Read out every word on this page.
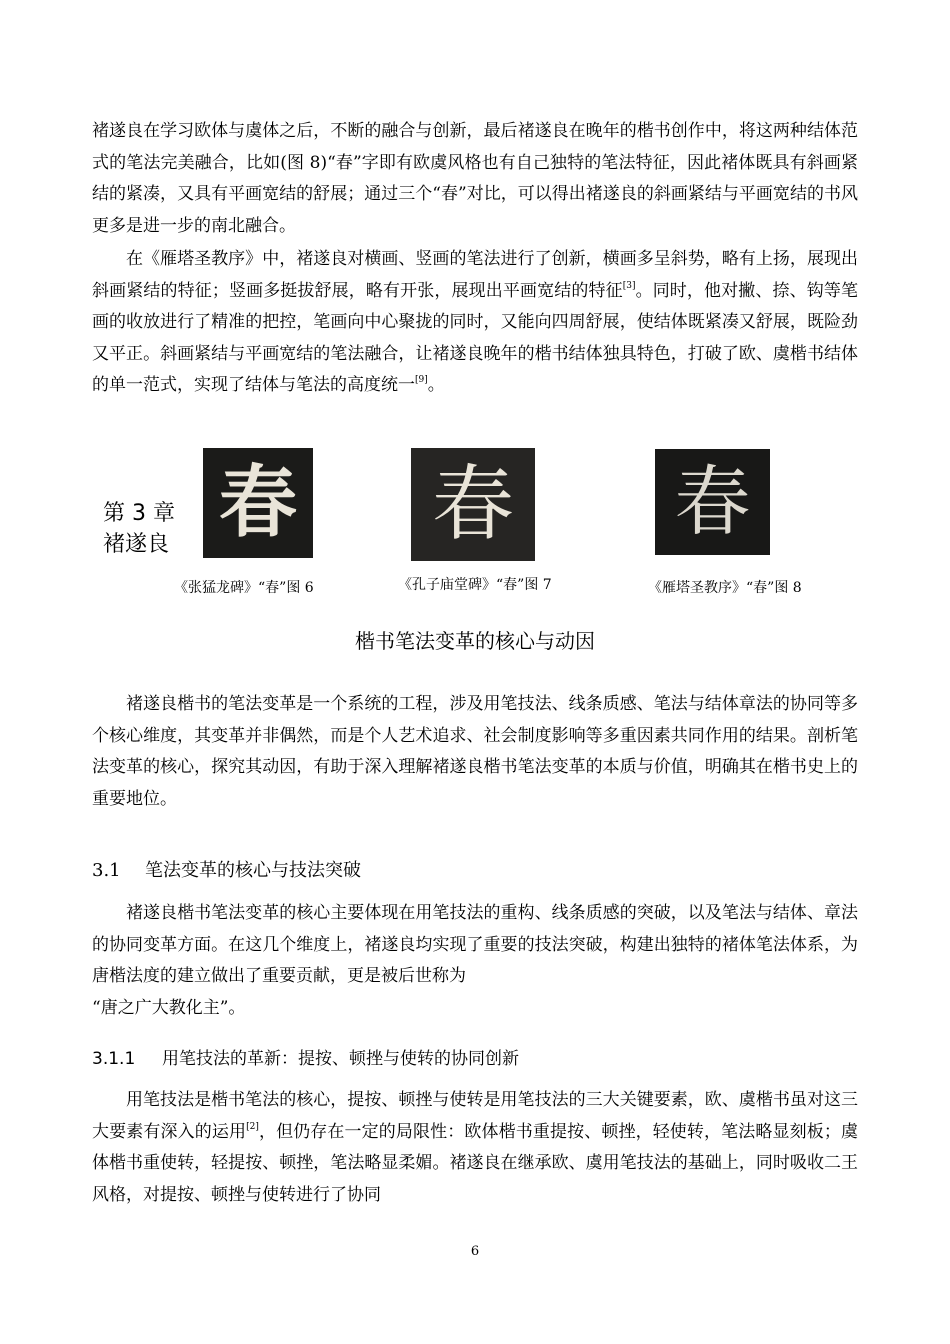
褚遂良在学习欧体与虞体之后，不断的融合与创新，最后褚遂良在晚年的楷书创作中，将这两种结体范式的笔法完美融合，比如(图 8)“春”字即有欧虞风格也有自己独特的笔法特征，因此褚体既具有斜画紧结的紧凑，又具有平画宽结的舒展；通过三个“春”对比，可以得出褚遂良的斜画紧结与平画宽结的书风更多是进一步的南北融合。

在《雁塔圣教序》中，褚遂良对横画、竖画的笔法进行了创新，横画多呈斜势，略有上扬，展现出斜画紧结的特征；竖画多挺拔舒展，略有开张，展现出平画宽结的特征[3]。同时，他对撇、捺、钩等笔画的收放进行了精准的把控，笔画向中心聚拢的同时，又能向四周舒展，使结体既紧凑又舒展，既险劲又平正。斜画紧结与平画宽结的笔法融合，让褚遂良晚年的楷书结体独具特色，打破了欧、虞楷书结体的单一范式，实现了结体与笔法的高度统一[9]。

春 春 春
第 3 章
褚遂良
《张猛龙碑》“春”图 6	《孔子庙堂碑》“春”图 7	《雁塔圣教序》“春”图 8
楷书笔法变革的核心与动因

褚遂良楷书的笔法变革是一个系统的工程，涉及用笔技法、线条质感、笔法与结体章法的协同等多个核心维度，其变革并非偶然，而是个人艺术追求、社会制度影响等多重因素共同作用的结果。剖析笔法变革的核心，探究其动因，有助于深入理解褚遂良楷书笔法变革的本质与价值，明确其在楷书史上的重要地位。

3.1 笔法变革的核心与技法突破

褚遂良楷书笔法变革的核心主要体现在用笔技法的重构、线条质感的突破，以及笔法与结体、章法的协同变革方面。在这几个维度上，褚遂良均实现了重要的技法突破，构建出独特的褚体笔法体系，为唐楷法度的建立做出了重要贡献，更是被后世称为
“唐之广大教化主”。

3.1.1 用笔技法的革新：提按、顿挫与使转的协同创新

用笔技法是楷书笔法的核心，提按、顿挫与使转是用笔技法的三大关键要素，欧、虞楷书虽对这三大要素有深入的运用[2]，但仍存在一定的局限性：欧体楷书重提按、顿挫，轻使转，笔法略显刻板；虞体楷书重使转，轻提按、顿挫，笔法略显柔媚。褚遂良在继承欧、虞用笔技法的基础上，同时吸收二王风格，对提按、顿挫与使转进行了协同

6
